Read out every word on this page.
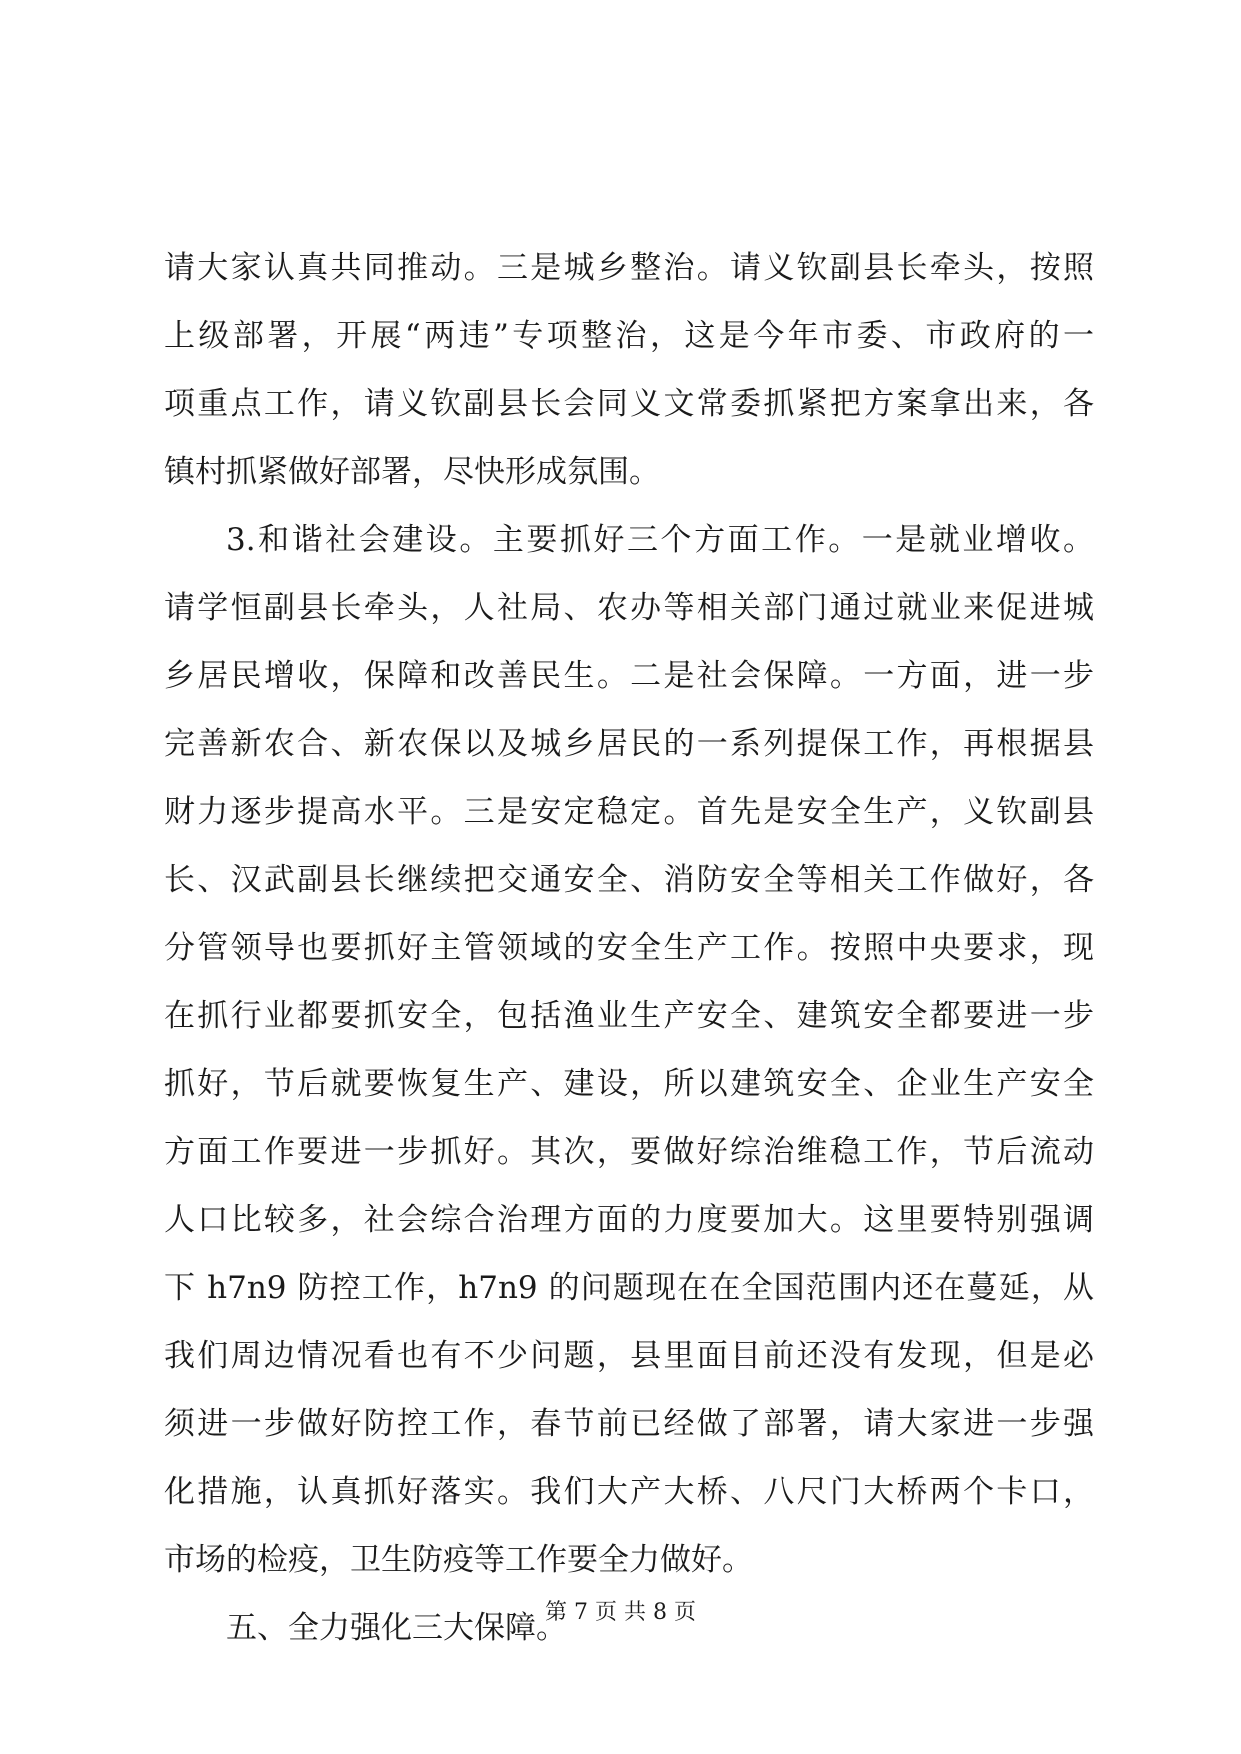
请大家认真共同推动。三是城乡整治。请义钦副县长牵头，按照
上级部署，开展“两违”专项整治，这是今年市委、市政府的一
项重点工作，请义钦副县长会同义文常委抓紧把方案拿出来，各
镇村抓紧做好部署，尽快形成氛围。
3.和谐社会建设。主要抓好三个方面工作。一是就业增收。
请学恒副县长牵头，人社局、农办等相关部门通过就业来促进城
乡居民增收，保障和改善民生。二是社会保障。一方面，进一步
完善新农合、新农保以及城乡居民的一系列提保工作，再根据县
财力逐步提高水平。三是安定稳定。首先是安全生产，义钦副县
长、汉武副县长继续把交通安全、消防安全等相关工作做好，各
分管领导也要抓好主管领域的安全生产工作。按照中央要求，现
在抓行业都要抓安全，包括渔业生产安全、建筑安全都要进一步
抓好，节后就要恢复生产、建设，所以建筑安全、企业生产安全
方面工作要进一步抓好。其次，要做好综治维稳工作，节后流动
人口比较多，社会综合治理方面的力度要加大。这里要特别强调
下 h7n9 防控工作，h7n9 的问题现在在全国范围内还在蔓延，从
我们周边情况看也有不少问题，县里面目前还没有发现，但是必
须进一步做好防控工作，春节前已经做了部署，请大家进一步强
化措施，认真抓好落实。我们大产大桥、八尺门大桥两个卡口，
市场的检疫，卫生防疫等工作要全力做好。
五、全力强化三大保障。
第 7 页 共 8 页
